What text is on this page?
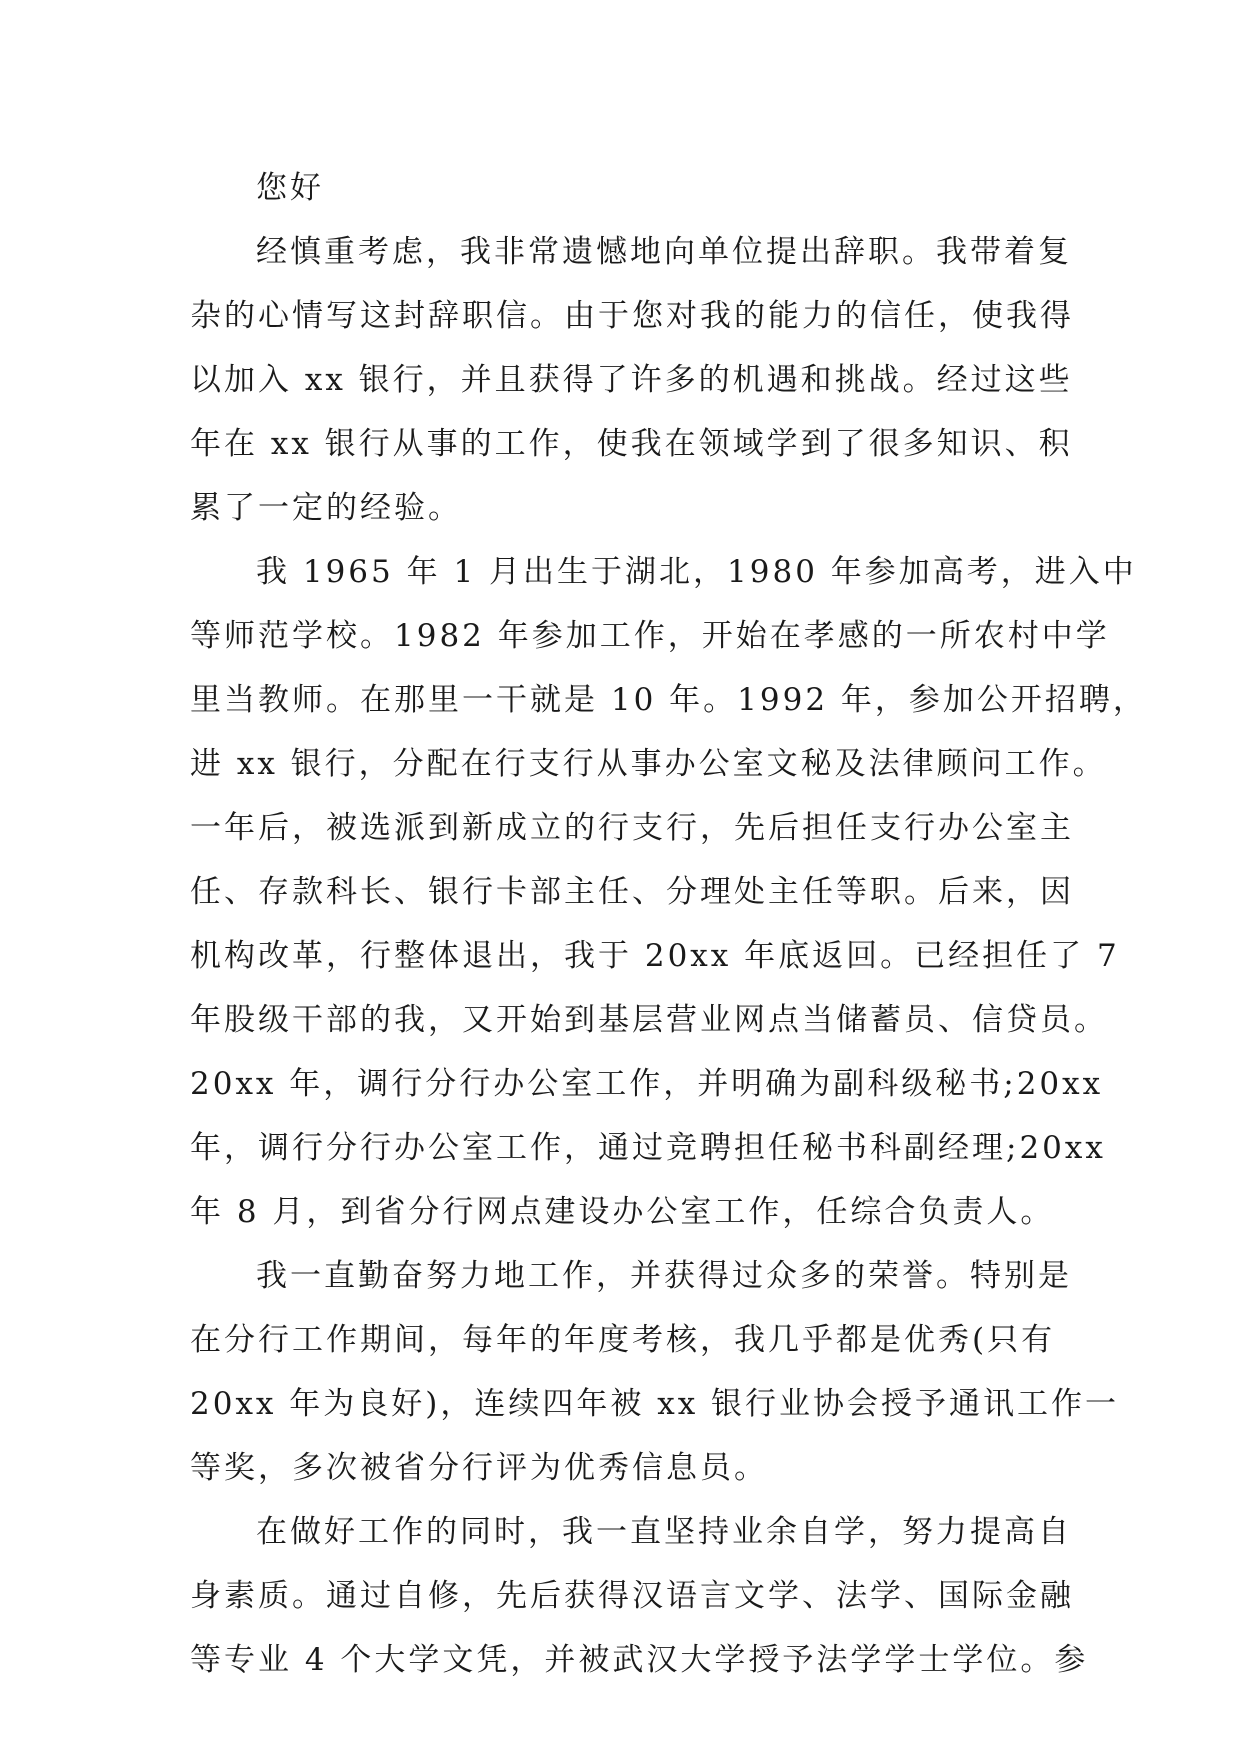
您好
经慎重考虑，我非常遗憾地向单位提出辞职。我带着复
杂的心情写这封辞职信。由于您对我的能力的信任，使我得
以加入 xx 银行，并且获得了许多的机遇和挑战。经过这些
年在 xx 银行从事的工作，使我在领域学到了很多知识、积
累了一定的经验。
我 1965 年 1 月出生于湖北，1980 年参加高考，进入中
等师范学校。1982 年参加工作，开始在孝感的一所农村中学
里当教师。在那里一干就是 10 年。1992 年，参加公开招聘，
进 xx 银行，分配在行支行从事办公室文秘及法律顾问工作。
一年后，被选派到新成立的行支行，先后担任支行办公室主
任、存款科长、银行卡部主任、分理处主任等职。后来，因
机构改革，行整体退出，我于 20xx 年底返回。已经担任了 7
年股级干部的我，又开始到基层营业网点当储蓄员、信贷员。
20xx 年，调行分行办公室工作，并明确为副科级秘书;20xx
年，调行分行办公室工作，通过竞聘担任秘书科副经理;20xx
年 8 月，到省分行网点建设办公室工作，任综合负责人。
我一直勤奋努力地工作，并获得过众多的荣誉。特别是
在分行工作期间，每年的年度考核，我几乎都是优秀(只有
20xx 年为良好)，连续四年被 xx 银行业协会授予通讯工作一
等奖，多次被省分行评为优秀信息员。
在做好工作的同时，我一直坚持业余自学，努力提高自
身素质。通过自修，先后获得汉语言文学、法学、国际金融
等专业 4 个大学文凭，并被武汉大学授予法学学士学位。参
